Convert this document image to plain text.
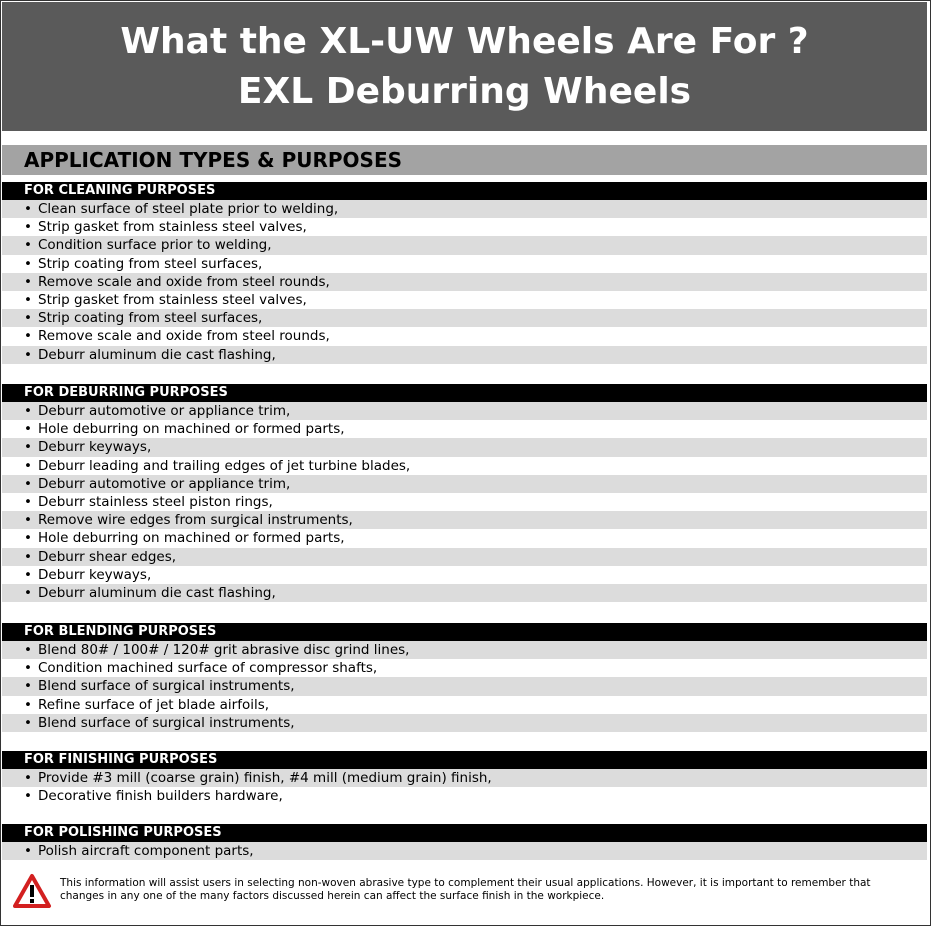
What the XL-UW Wheels Are For ?
EXL Deburring Wheels
APPLICATION TYPES & PURPOSES
FOR CLEANING PURPOSES
• Clean surface of steel plate prior to welding,
• Strip gasket from stainless steel valves,
• Condition surface prior to welding,
• Strip coating from steel surfaces,
• Remove scale and oxide from steel rounds,
• Strip gasket from stainless steel valves,
• Strip coating from steel surfaces,
• Remove scale and oxide from steel rounds,
• Deburr aluminum die cast flashing,
FOR DEBURRING PURPOSES
• Deburr automotive or appliance trim,
• Hole deburring on machined or formed parts,
• Deburr keyways,
• Deburr leading and trailing edges of jet turbine blades,
• Deburr automotive or appliance trim,
• Deburr stainless steel piston rings,
• Remove wire edges from surgical instruments,
• Hole deburring on machined or formed parts,
• Deburr shear edges,
• Deburr keyways,
• Deburr aluminum die cast flashing,
FOR BLENDING PURPOSES
• Blend 80# / 100# / 120# grit abrasive disc grind lines,
• Condition machined surface of compressor shafts,
• Blend surface of surgical instruments,
• Refine surface of jet blade airfoils,
• Blend surface of surgical instruments,
FOR FINISHING PURPOSES
• Provide #3 mill (coarse grain) finish, #4 mill (medium grain) finish,
• Decorative finish builders hardware,
FOR POLISHING PURPOSES
• Polish aircraft component parts,
This information will assist users in selecting non-woven abrasive type to complement their usual applications. However, it is important to remember that changes in any one of the many factors discussed herein can affect the surface finish in the workpiece.
